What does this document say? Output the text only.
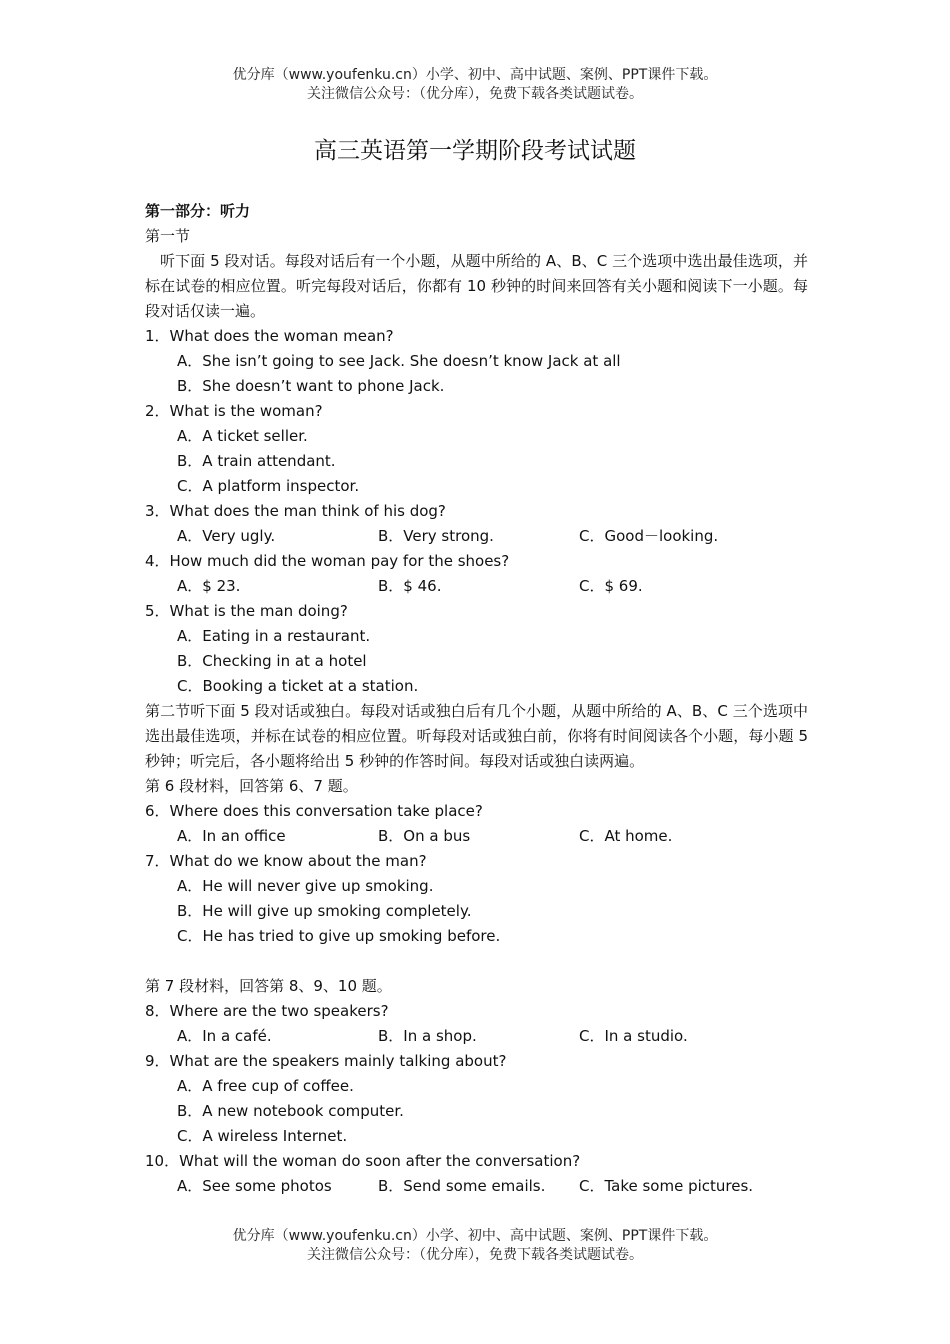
优分库（www.youfenku.cn）小学、初中、高中试题、案例、PPT课件下载。
关注微信公众号：（优分库），免费下载各类试题试卷。
高三英语第一学期阶段考试试题
第一部分：听力
第一节
听下面 5 段对话。每段对话后有一个小题，从题中所给的 A、B、C 三个选项中选出最佳选项，并标在试卷的相应位置。听完每段对话后，你都有 10 秒钟的时间来回答有关小题和阅读下一小题。每段对话仅读一遍。
1．What does the woman mean?
A．She isn’t going to see Jack. She doesn’t know Jack at all
B．She doesn’t want to phone Jack.
2．What is the woman?
A．A ticket seller.
B．A train attendant.
C．A platform inspector.
3．What does the man think of his dog?
A．Very ugly.	B．Very strong.	C．Good－looking.
4．How much did the woman pay for the shoes?
A．$ 23.	B．$ 46.	C．$ 69.
5．What is the man doing?
A．Eating in a restaurant.
B．Checking in at a hotel
C．Booking a ticket at a station.
第二节听下面 5 段对话或独白。每段对话或独白后有几个小题，从题中所给的 A、B、C 三个选项中选出最佳选项，并标在试卷的相应位置。听每段对话或独白前，你将有时间阅读各个小题，每小题 5 秒钟；听完后，各小题将给出 5 秒钟的作答时间。每段对话或独白读两遍。
第 6 段材料，回答第 6、7 题。
6．Where does this conversation take place?
A．In an office	B．On a bus	C．At home.
7．What do we know about the man?
A．He will never give up smoking.
B．He will give up smoking completely.
C．He has tried to give up smoking before.
第 7 段材料，回答第 8、9、10 题。
8．Where are the two speakers?
A．In a café.	B．In a shop.	C．In a studio.
9．What are the speakers mainly talking about?
A．A free cup of coffee.
B．A new notebook computer.
C．A wireless Internet.
10．What will the woman do soon after the conversation?
A．See some photos	B．Send some emails.	C．Take some pictures.
优分库（www.youfenku.cn）小学、初中、高中试题、案例、PPT课件下载。
关注微信公众号：（优分库），免费下载各类试题试卷。
